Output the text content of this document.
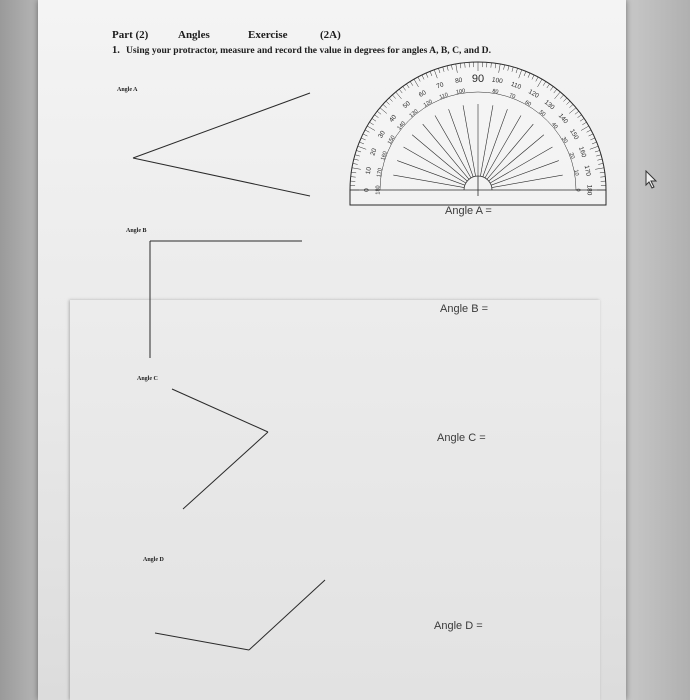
Part (2)	Angles	Exercise	(2A)
1. Using your protractor, measure and record the value in degrees for angles A, B, C, and D.
Angle A
Angle B
Angle C
Angle D
Angle A =
Angle B =
Angle C =
Angle D =
0
10
20
30
40
50
60
70
80 90 100 110
120
130
140
150
160
170
180
180
170
160
150
140
130
120
110
100	80
70
60
50
40
30
20
10
0
